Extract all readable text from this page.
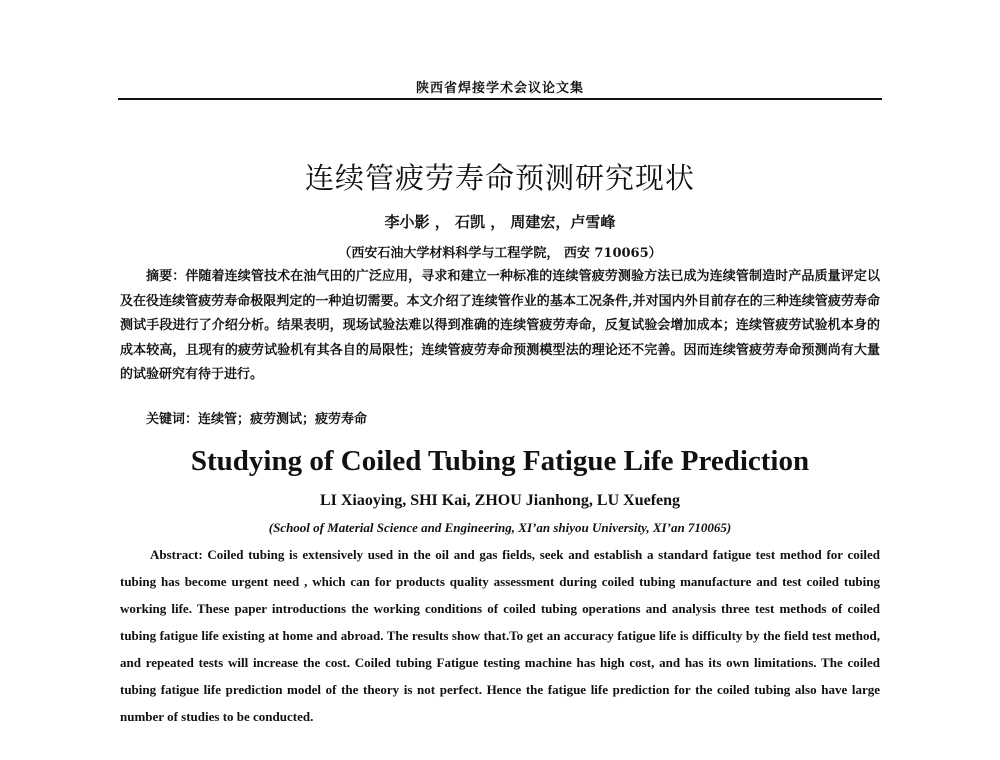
陕西省焊接学术会议论文集
连续管疲劳寿命预测研究现状
李小影 ， 石凯 ， 周建宏，卢雪峰
（西安石油大学材料科学与工程学院， 西安 710065）

摘要：伴随着连续管技术在油气田的广泛应用，寻求和建立一种标准的连续管疲劳测验方法已成为连续管制造时产品质量评定以及在役连续管疲劳寿命极限判定的一种迫切需要。本文介绍了连续管作业的基本工况条件,并对国内外目前存在的三种连续管疲劳寿命测试手段进行了介绍分析。结果表明，现场试验法难以得到准确的连续管疲劳寿命，反复试验会增加成本；连续管疲劳试验机本身的成本较高，且现有的疲劳试验机有其各自的局限性；连续管疲劳寿命预测模型法的理论还不完善。因而连续管疲劳寿命预测尚有大量的试验研究有待于进行。

关键词：连续管；疲劳测试；疲劳寿命
Studying of Coiled Tubing Fatigue Life Prediction
LI Xiaoying, SHI Kai, ZHOU Jianhong, LU Xuefeng
(School of Material Science and Engineering, XI’an shiyou University, XI’an 710065)

Abstract: Coiled tubing is extensively used in the oil and gas fields, seek and establish a standard fatigue test method for coiled tubing has become urgent need , which can for products quality assessment during coiled tubing manufacture and test coiled tubing working life. These paper introductions the working conditions of coiled tubing operations and analysis three test methods of coiled tubing fatigue life existing at home and abroad. The results show that.To get an accuracy fatigue life is difficulty by the field test method, and repeated tests will increase the cost. Coiled tubing Fatigue testing machine has high cost, and has its own limitations. The coiled tubing fatigue life prediction model of the theory is not perfect. Hence the fatigue life prediction for the coiled tubing also have large number of studies to be conducted.
